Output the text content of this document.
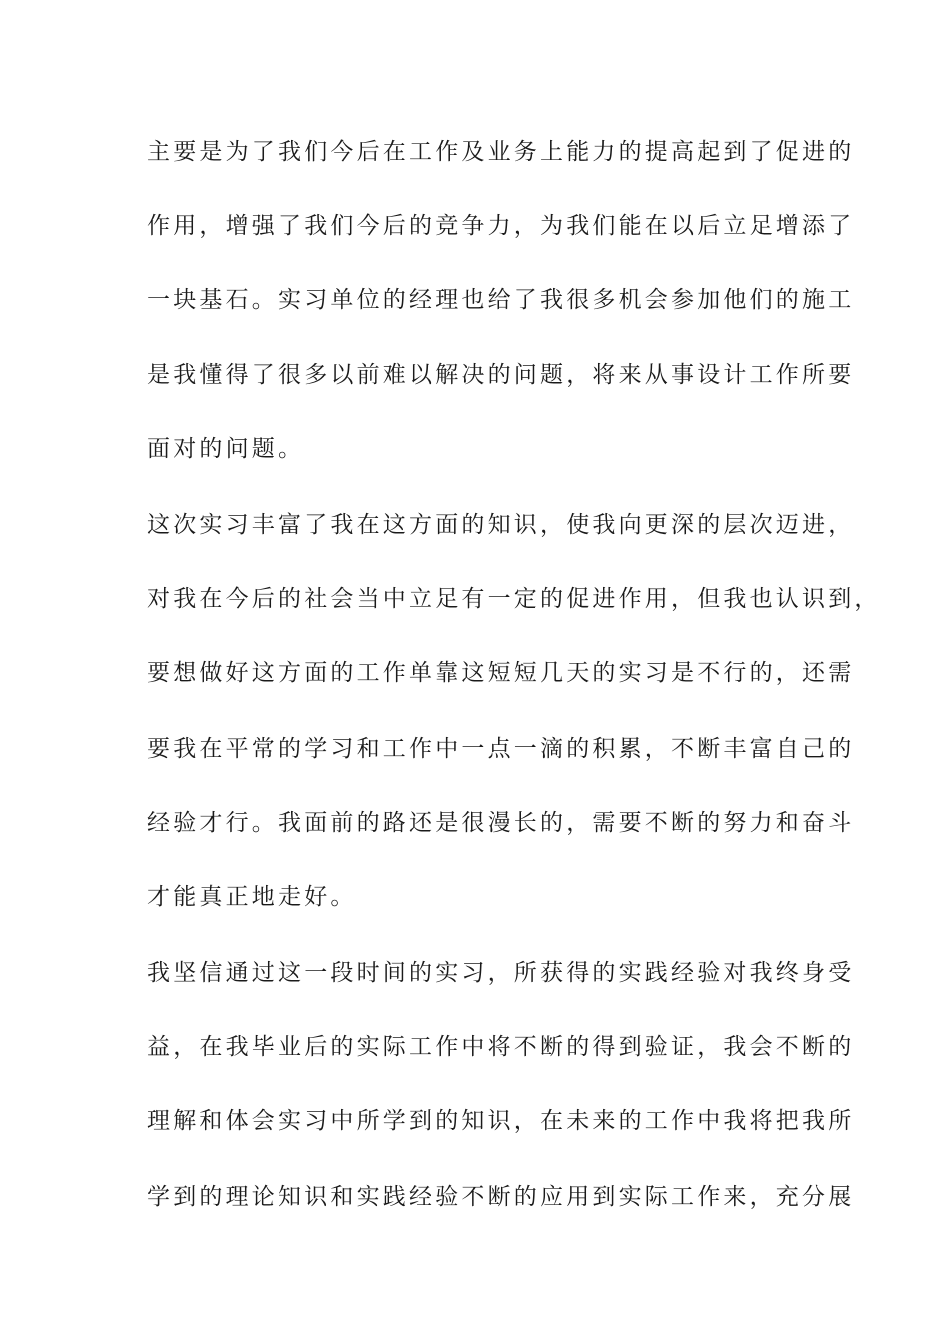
主要是为了我们今后在工作及业务上能力的提高起到了促进的
作用，增强了我们今后的竞争力，为我们能在以后立足增添了
一块基石。实习单位的经理也给了我很多机会参加他们的施工
是我懂得了很多以前难以解决的问题，将来从事设计工作所要
面对的问题。
这次实习丰富了我在这方面的知识，使我向更深的层次迈进，
对我在今后的社会当中立足有一定的促进作用，但我也认识到，
要想做好这方面的工作单靠这短短几天的实习是不行的，还需
要我在平常的学习和工作中一点一滴的积累，不断丰富自己的
经验才行。我面前的路还是很漫长的，需要不断的努力和奋斗
才能真正地走好。
我坚信通过这一段时间的实习，所获得的实践经验对我终身受
益，在我毕业后的实际工作中将不断的得到验证，我会不断的
理解和体会实习中所学到的知识，在未来的工作中我将把我所
学到的理论知识和实践经验不断的应用到实际工作来，充分展
